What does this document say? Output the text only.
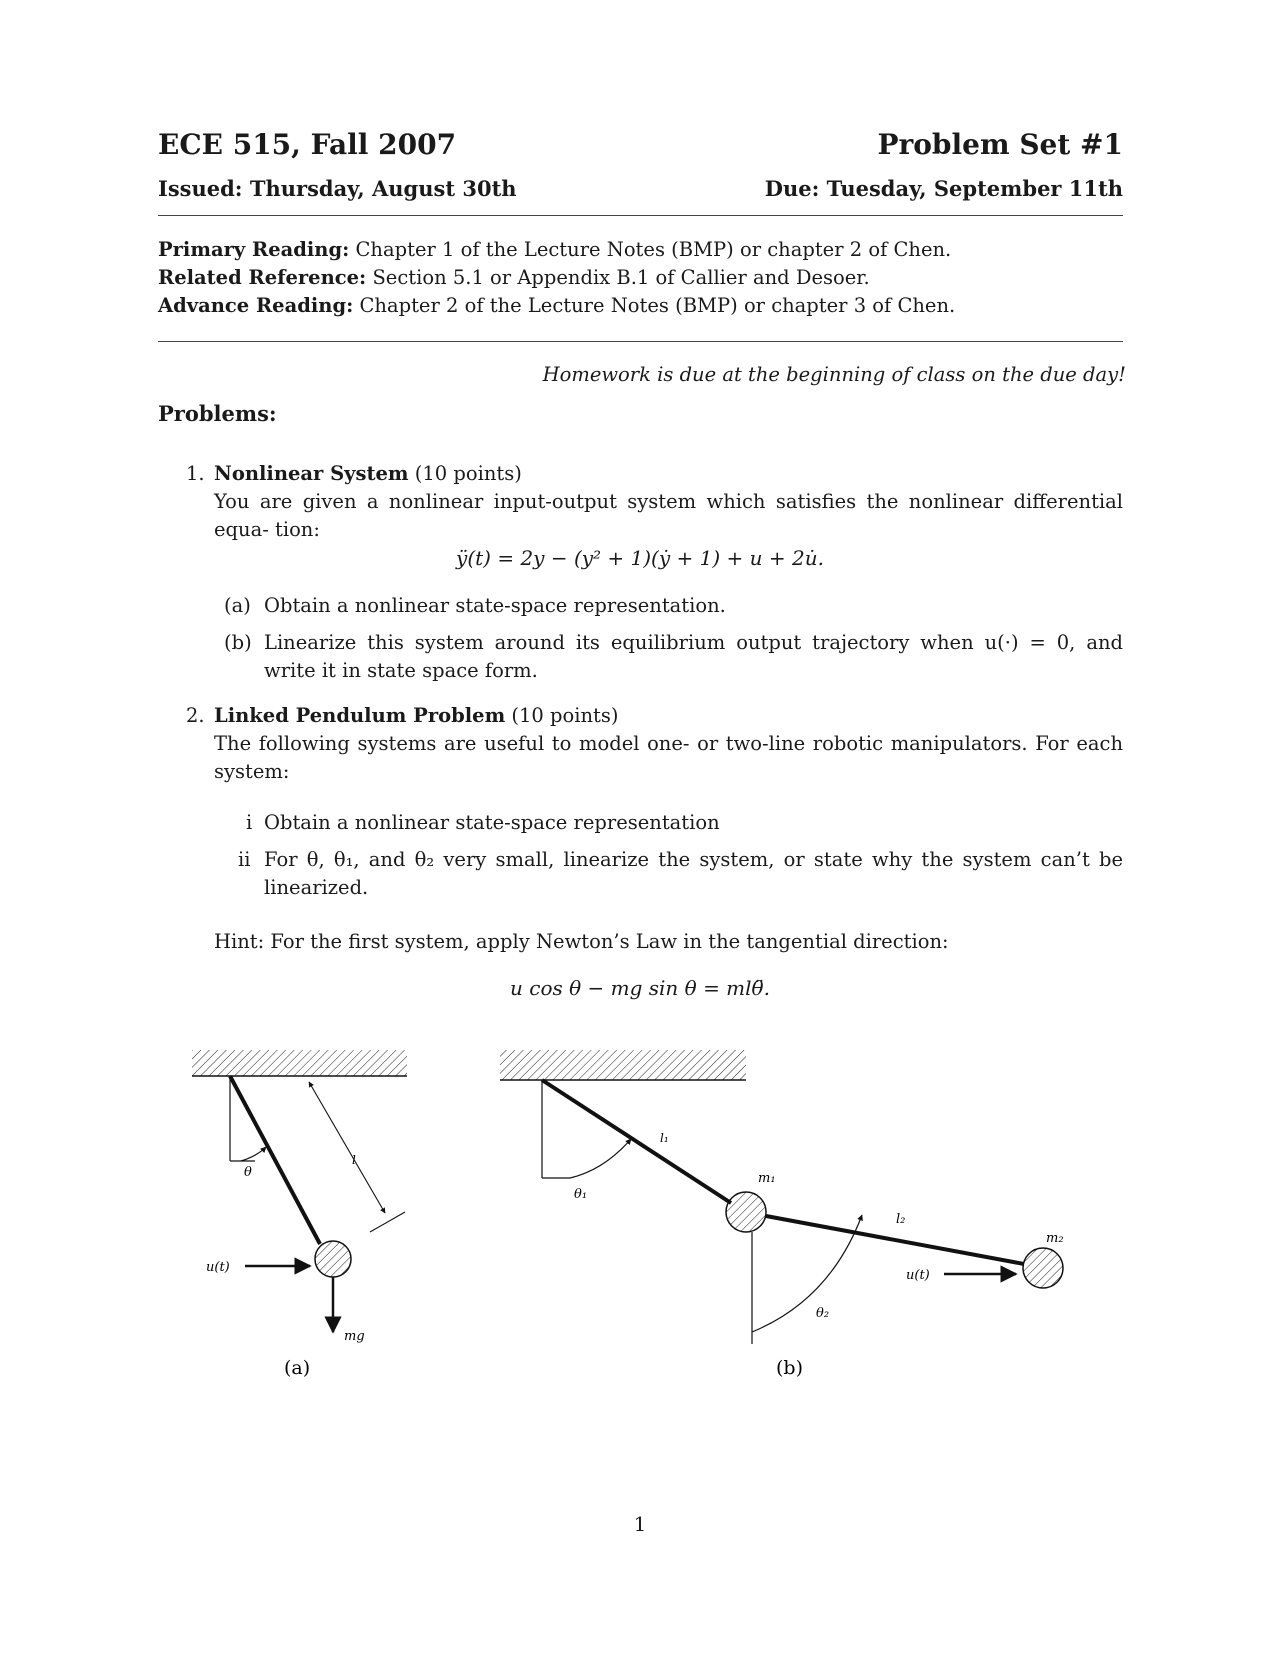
ECE 515, Fall 2007	Problem Set #1
Issued: Thursday, August 30th	Due: Tuesday, September 11th
Primary Reading: Chapter 1 of the Lecture Notes (BMP) or chapter 2 of Chen.
Related Reference: Section 5.1 or Appendix B.1 of Callier and Desoer.
Advance Reading: Chapter 2 of the Lecture Notes (BMP) or chapter 3 of Chen.
Homework is due at the beginning of class on the due day!
Problems:
1. Nonlinear System (10 points)
You are given a nonlinear input-output system which satisfies the nonlinear differential equa- tion:
ÿ(t) = 2y − (y² + 1)(ẏ + 1) + u + 2u̇.
(a) Obtain a nonlinear state-space representation.
(b) Linearize this system around its equilibrium output trajectory when u(·) = 0, and write it in state space form.
2. Linked Pendulum Problem (10 points)
The following systems are useful to model one- or two-line robotic manipulators. For each system:
i Obtain a nonlinear state-space representation
ii For θ, θ₁, and θ₂ very small, linearize the system, or state why the system can’t be linearized.
Hint: For the first system, apply Newton’s Law in the tangential direction:
u cos θ − mg sin θ = mlθ̈.
θ
l
u(t)
mg
(a)
θ₁
l₁
m₁
l₂
m₂
u(t)
θ₂
(b)
1
